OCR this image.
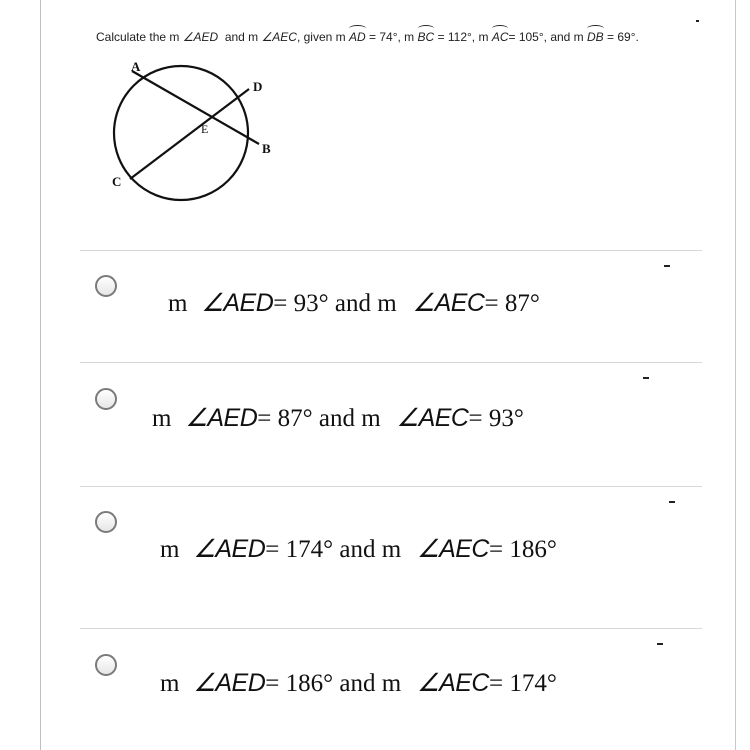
Calculate the m ∠AED and m ∠AEC, given m AD = 74°, m BC = 112°, m AC= 105°, and m DB = 69°.
A
D
E
B
C
m ∠AED= 93° and m ∠AEC= 87°
m ∠AED= 87° and m ∠AEC= 93°
m ∠AED= 174° and m ∠AEC= 186°
m ∠AED= 186° and m ∠AEC= 174°
